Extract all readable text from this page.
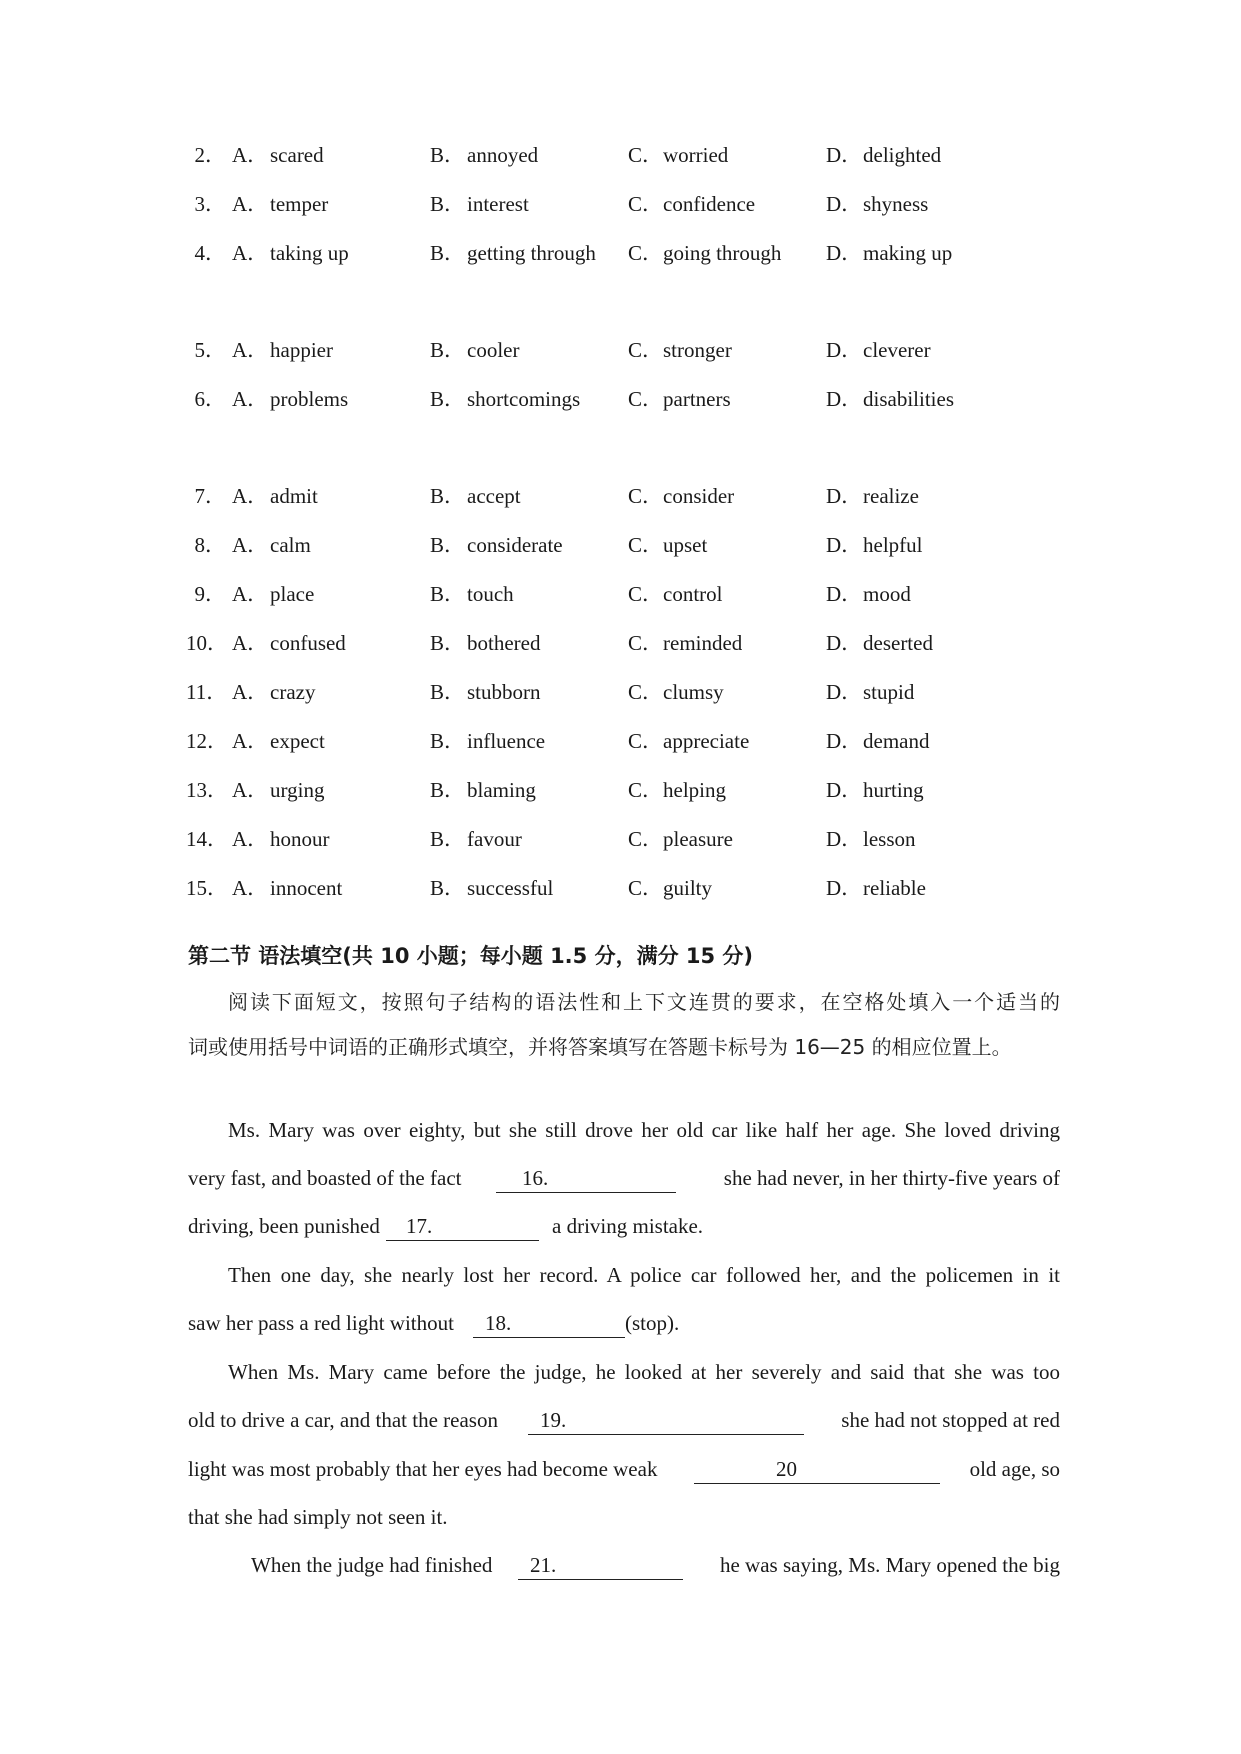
2． A． scared	B． annoyed	C． worried	D． delighted
3． A． temper	B． interest	C． confidence	D． shyness
4． A． taking up	B． getting through C． going through D． making up
5． A． happier	B． cooler	C． stronger	D． cleverer
6． A． problems	B． shortcomings C． partners	D． disabilities
7． A． admit	B． accept	C． consider	D． realize
8． A． calm	B． considerate	C． upset	D． helpful
9． A． place	B． touch	C． control	D． mood
10． A． confused	B． bothered	C． reminded	D． deserted
11． A． crazy	B． stubborn	C． clumsy	D． stupid
12． A． expect	B． influence	C． appreciate	D． demand
13． A． urging	B． blaming	C． helping	D． hurting
14． A． honour	B． favour	C． pleasure	D． lesson
15． A． innocent	B． successful	C． guilty	D． reliable
第二节 语法填空(共 10 小题；每小题 1.5 分，满分 15 分)
阅读下面短文，按照句子结构的语法性和上下文连贯的要求，在空格处填入一个适当的
词或使用括号中词语的正确形式填空，并将答案填写在答题卡标号为 16—25 的相应位置上。
Ms. Mary was over eighty, but she still drove her old car like half her age. She loved driving
very fast, and boasted of the fact	16.	she had never, in her thirty-five years of
driving, been punished	17.	a driving mistake.
Then one day, she nearly lost her record. A police car followed her, and the policemen in it
saw her pass a red light without	18.	(stop).
When Ms. Mary came before the judge, he looked at her severely and said that she was too
old to drive a car, and that the reason	19.	she had not stopped at red
light was most probably that her eyes had become weak	20	old age, so
that she had simply not seen it.
When the judge had finished	21.	he was saying, Ms. Mary opened the big
